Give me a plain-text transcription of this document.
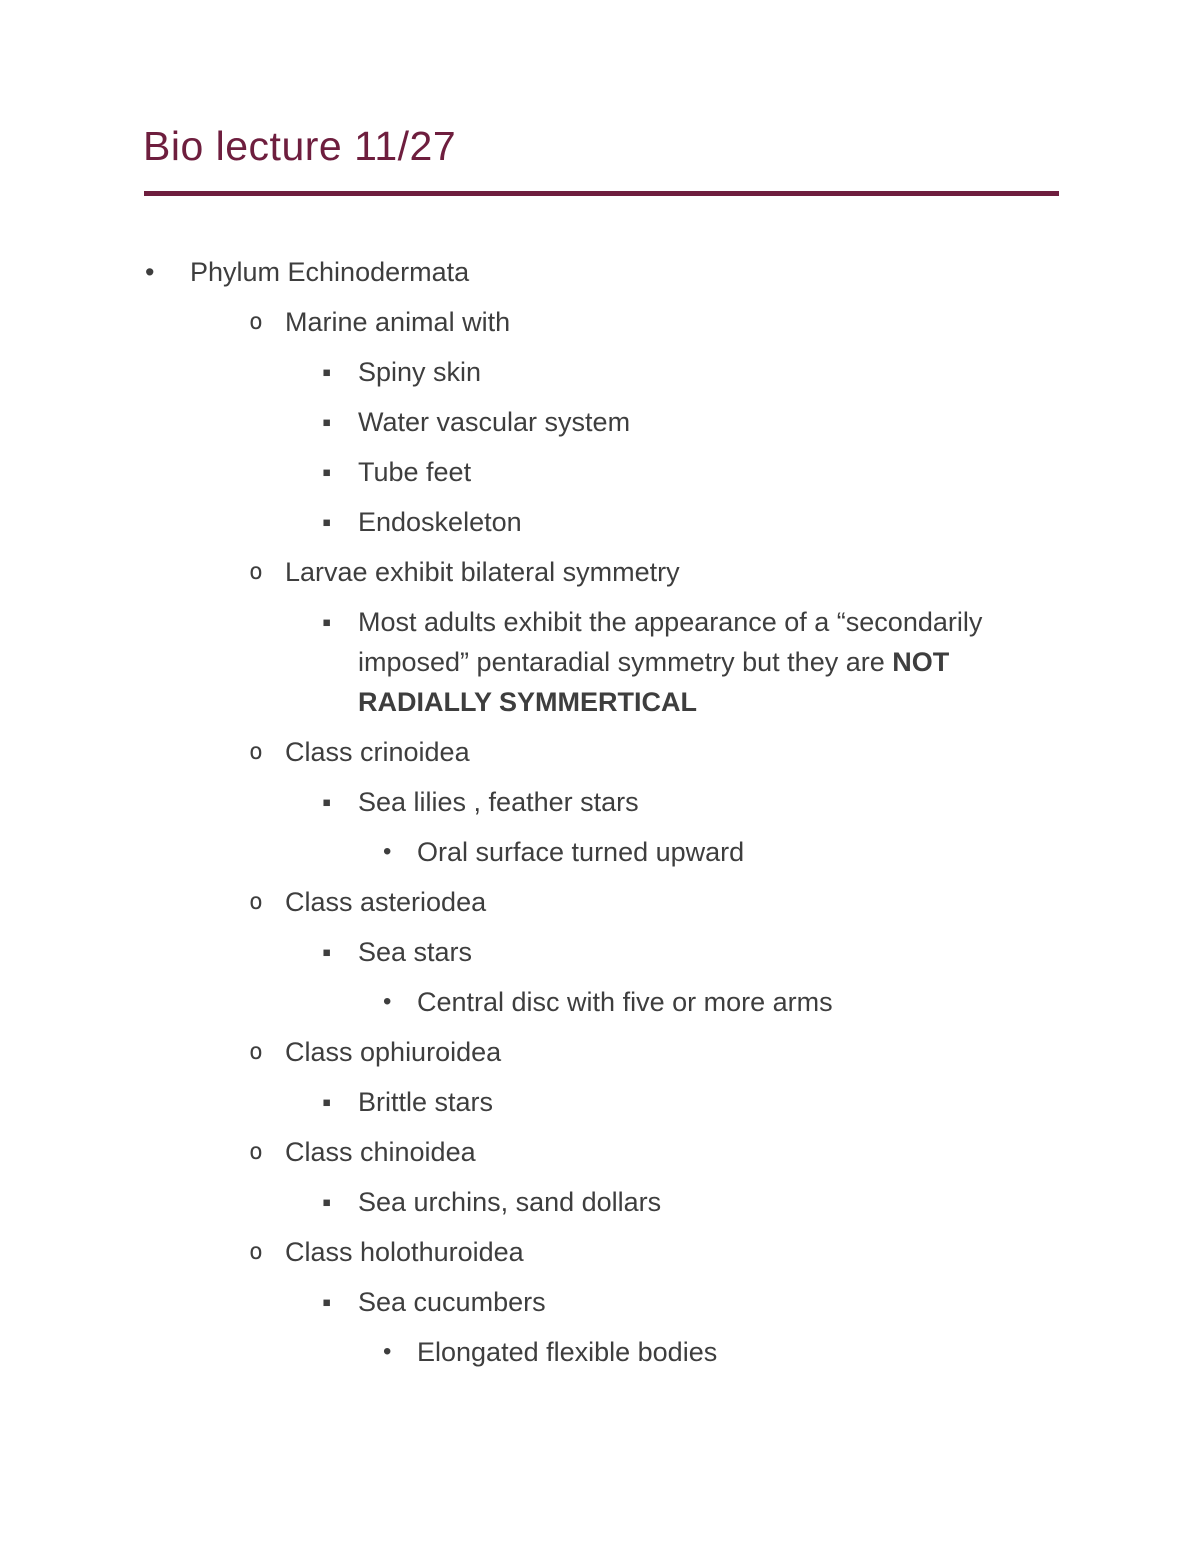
Bio lecture 11/27
•	Phylum Echinodermata
o Marine animal with
▪ Spiny skin
▪ Water vascular system
▪ Tube feet
▪ Endoskeleton
o Larvae exhibit bilateral symmetry
▪ Most adults exhibit the appearance of a “secondarily imposed” pentaradial symmetry but they are NOT RADIALLY SYMMERTICAL
o Class crinoidea
▪ Sea lilies , feather stars
• Oral surface turned upward
o Class asteriodea
▪ Sea stars
• Central disc with five or more arms
o Class ophiuroidea
▪ Brittle stars
o Class chinoidea
▪ Sea urchins, sand dollars
o Class holothuroidea
▪ Sea cucumbers
• Elongated flexible bodies
